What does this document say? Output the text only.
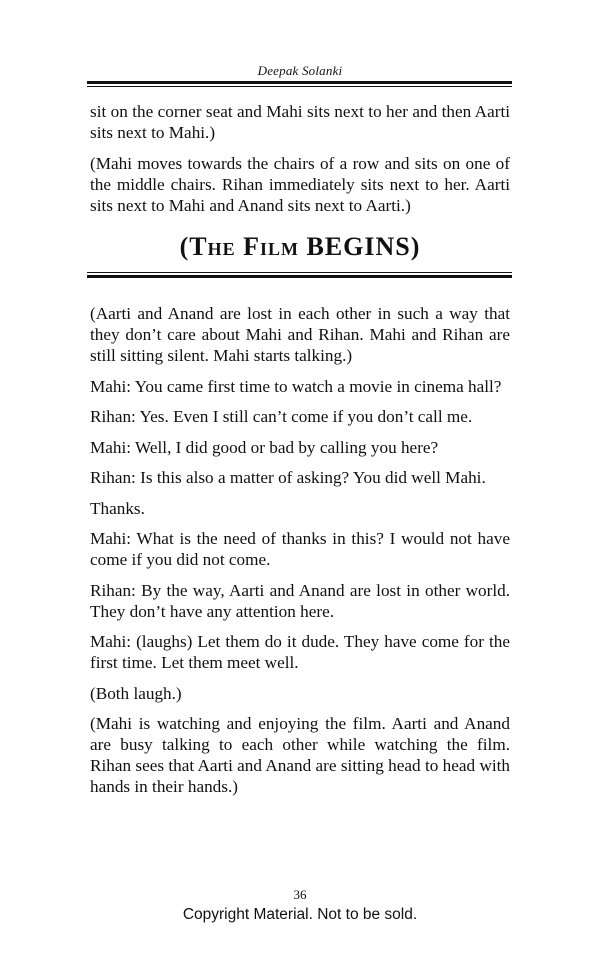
Deepak Solanki

sit on the corner seat and Mahi sits next to her and then Aarti sits next to Mahi.)

(Mahi moves towards the chairs of a row and sits on one of the middle chairs. Rihan immediately sits next to her. Aarti sits next to Mahi and Anand sits next to Aarti.)

(The Film BEGINS)

(Aarti and Anand are lost in each other in such a way that they don’t care about Mahi and Rihan. Mahi and Rihan are still sitting silent. Mahi starts talking.)

Mahi: You came first time to watch a movie in cinema hall?

Rihan: Yes. Even I still can’t come if you don’t call me.

Mahi: Well, I did good or bad by calling you here?

Rihan: Is this also a matter of asking? You did well Mahi.

Thanks.

Mahi: What is the need of thanks in this? I would not have come if you did not come.

Rihan: By the way, Aarti and Anand are lost in other world. They don’t have any attention here.

Mahi: (laughs) Let them do it dude. They have come for the first time. Let them meet well.

(Both laugh.)

(Mahi is watching and enjoying the film. Aarti and Anand are busy talking to each other while watching the film. Rihan sees that Aarti and Anand are sitting head to head with hands in their hands.)

36
Copyright Material. Not to be sold.
